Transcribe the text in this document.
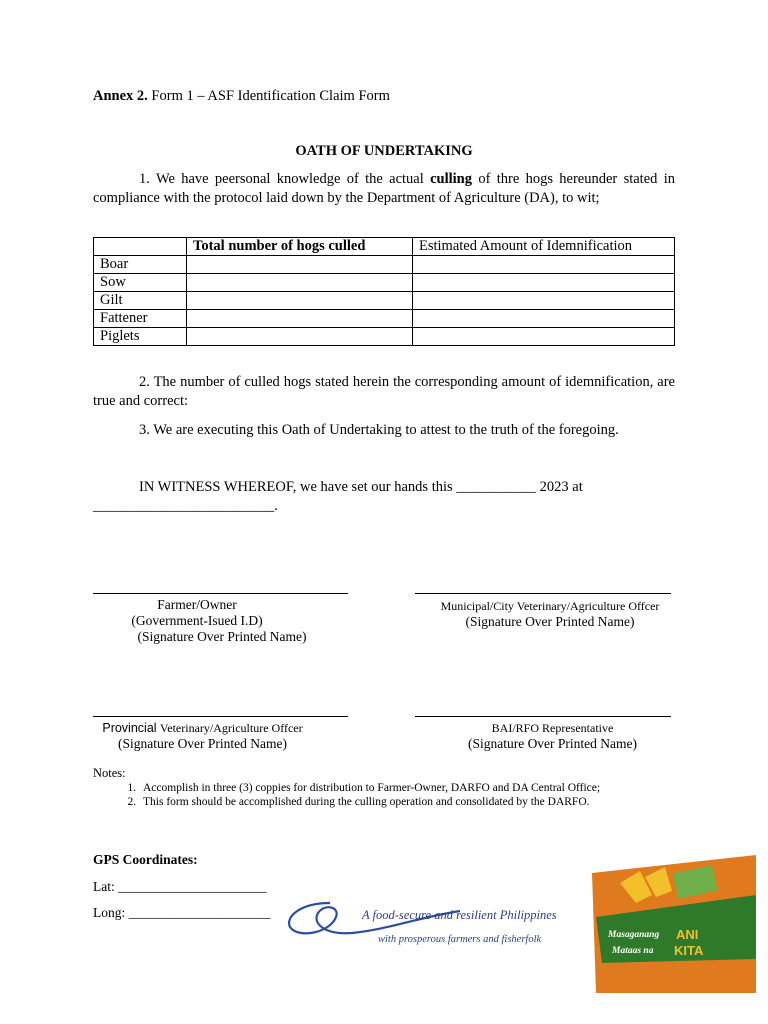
Annex 2. Form 1 – ASF Identification Claim Form
OATH OF UNDERTAKING
1. We have peersonal knowledge of the actual culling of thre hogs hereunder stated in compliance with the protocol laid down by the Department of Agriculture (DA), to wit;
	Total number of hogs culled	Estimated Amount of Idemnification
Boar		
Sow		
Gilt		
Fattener		
Piglets		
2. The number of culled hogs stated herein the corresponding amount of idemnification, are true and correct:
3. We are executing this Oath of Undertaking to attest to the truth of the foregoing.
IN WITNESS WHEREOF, we have set our hands this ___________ 2023 at
_________________________.
Farmer/Owner
(Government-Isued I.D)
(Signature Over Printed Name)
Municipal/City Veterinary/Agriculture Offcer
(Signature Over Printed Name)
Provincial Veterinary/Agriculture Offcer
(Signature Over Printed Name)
BAI/RFO Representative
(Signature Over Printed Name)
Notes:
1. Accomplish in three (3) coppies for distribution to Farmer-Owner, DARFO and DA Central Office;
2. This form should be accomplished during the culling operation and consolidated by the DARFO.
GPS Coordinates:
Lat: ______________________
Long: _____________________	A food-secure and resilient Philippines
with prosperous farmers and fisherfolk	Masaganang ANI
Mataas na KITA
